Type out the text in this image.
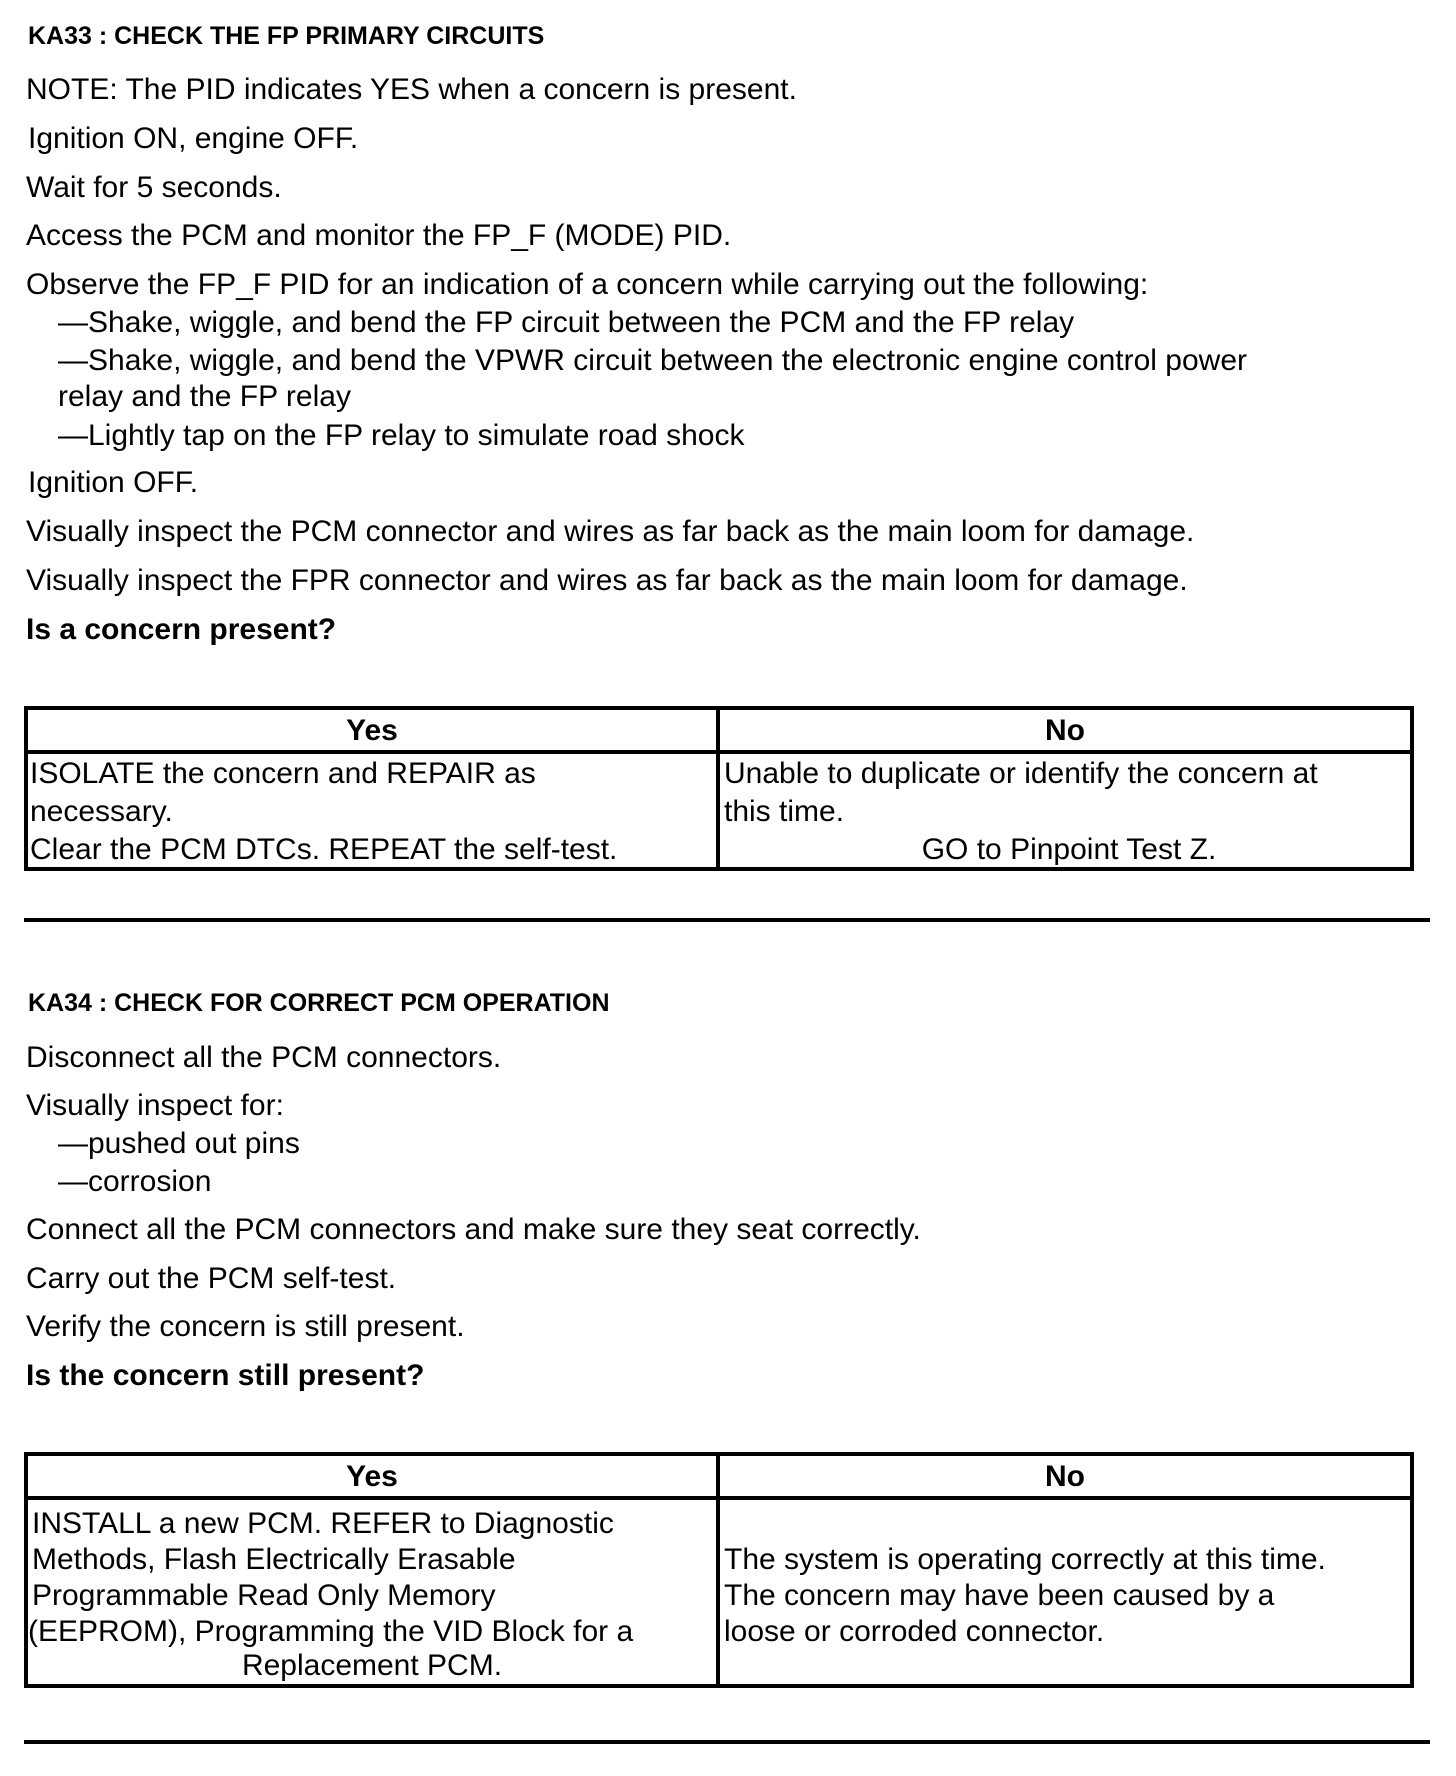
KA33 : CHECK THE FP PRIMARY CIRCUITS
NOTE: The PID indicates YES when a concern is present.
Ignition ON, engine OFF.
Wait for 5 seconds.
Access the PCM and monitor the FP_F (MODE) PID.
Observe the FP_F PID for an indication of a concern while carrying out the following:
—Shake, wiggle, and bend the FP circuit between the PCM and the FP relay
—Shake, wiggle, and bend the VPWR circuit between the electronic engine control power
relay and the FP relay
—Lightly tap on the FP relay to simulate road shock
Ignition OFF.
Visually inspect the PCM connector and wires as far back as the main loom for damage.
Visually inspect the FPR connector and wires as far back as the main loom for damage.
Is a concern present?
Yes	No
ISOLATE the concern and REPAIR as
necessary.
Clear the PCM DTCs. REPEAT the self-test.
Unable to duplicate or identify the concern at
this time.
GO to Pinpoint Test Z.
KA34 : CHECK FOR CORRECT PCM OPERATION
Disconnect all the PCM connectors.
Visually inspect for:
—pushed out pins
—corrosion
Connect all the PCM connectors and make sure they seat correctly.
Carry out the PCM self-test.
Verify the concern is still present.
Is the concern still present?
Yes	No
INSTALL a new PCM. REFER to Diagnostic
Methods, Flash Electrically Erasable
Programmable Read Only Memory
(EEPROM), Programming the VID Block for a
Replacement PCM.
The system is operating correctly at this time.
The concern may have been caused by a
loose or corroded connector.
